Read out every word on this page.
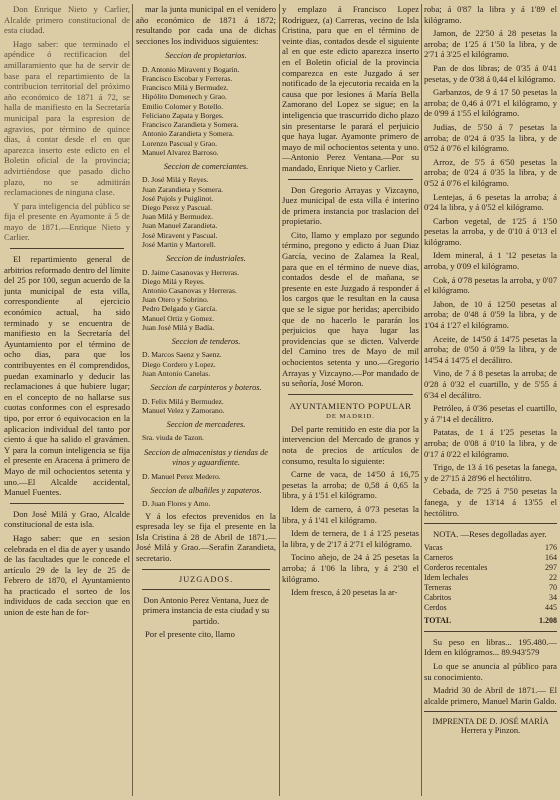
Don Enrique Nieto y Carlier, Alcalde primero constitucional de esta ciudad.

Hago saber: que terminado el apéndice ó rectificacion del amillaramiento que ha de servir de base para el repartimiento de la contribucion territorial del próximo año económico de 1871 á 72, se halla de manifiesto en la Secretaría municipal para la espresion de agravios, por término de quince dias, á contar desde el en que aparezca inserto este edicto en el Boletin oficial de la provincia; advirtiéndose que pasado dicho plazo, no se admitirán reclamaciones de ninguna clase.

Y para inteligencia del público se fija el presente en Ayamonte á 5 de mayo de 1871.—Enrique Nieto y Carlier.

El repartimiento general de arbitrios reformado dentro del límite del 25 por 100, segun acuerdo de la junta municipal de esta villa, correspondiente al ejercicio económico actual, ha sido terminado y se encuentra de manifiesto en la Secretaría del Ayuntamiento por el término de ocho dias, para que los contribuyentes en él comprendidos, puedan examinarlo y deducir las reclamaciones á que hubiere lugar; en el concepto de no hallarse sus cuotas conformes con el espresado tipo, por error ó equivocacion en la aplicacion individual del tanto por ciento á que ha salido el gravámen. Y para la comun inteligencia se fija el presente en Aracena á primero de Mayo de mil ochocientos setenta y uno.—El Alcalde accidental, Manuel Fuentes.

Don José Milá y Grao, Alcalde constitucional de esta isla.

Hago saber: que en sesion celebrada en el dia de ayer y usando de las facultades que le concede el artículo 29 de la ley de 25 de Febrero de 1870, el Ayuntamiento ha practicado el sorteo de los individuos de cada seccion que en union de este han de for-

mar la junta municipal en el venidero año económico de 1871 á 1872; resultando por cada una de dichas secciones los individuos siguientes:

Seccion de propietarios.
D. Antonio Miravent y Bogarin.
Francisco Escobar y Ferreras.
Francisco Milá y Bermudez.
Hipólito Domenech y Grao.
Emilio Colomer y Botello.
Feliciano Zapata y Borges.
Francisco Zarandieta y Somera.
Antonio Zarandieta y Somera.
Lorenzo Pascual y Grao.
Manuel Alvarez Barroso.
Seccion de comerciantes.
D. José Milá y Reyes.
Juan Zarandieta y Somera.
José Pujols y Puiglinot.
Diego Perez y Pascual.
Juan Milá y Bermudez.
Juan Manuel Zarandieta.
José Miravent y Pascual.
José Martin y Martorell.
Seccion de industriales.
D. Jaime Casanovas y Herreras.
Diego Milá y Reyes.
Antonio Casanovas y Herreras.
Juan Otero y Sobrino.
Pedro Delgado y García.
Manuel Ortiz y Gomez.
Juan José Milá y Badía.
Seccion de tenderos.
D. Marcos Saenz y Saenz.
Diego Cordero y Lopez.
Juan Antonio Canelas.
Seccion de carpinteros y boteros.
D. Felix Milá y Bermudez.
Manuel Velez y Zamorano.
Seccion de mercaderes.
Sra. viuda de Tazon.
Seccion de almacenistas y tiendas de vinos y aguardiente.
D. Manuel Perez Medero.
Seccion de albañiles y zapateros.
D. Juan Flores y Amo.

Y á los efectos prevenidos en la espresada ley se fija el presente en la Isla Cristina á 28 de Abril de 1871.—José Milá y Grao.—Serafin Zarandieta, secretario.

JUZGADOS.

Don Antonio Perez Ventana, Juez de primera instancia de esta ciudad y su partido.

Por el presente cito, llamo

y emplazo á Francisco Lopez Rodriguez, (a) Carreras, vecino de Isla Cristina, para que en el término de veinte dias, contados desde el siguiente al en que este edicto aparezca inserto en el Boletin oficial de la provincia comparezca en este Juzgado á ser notificado de la ejecutoria recaida en la causa que por lesiones á María Bella Zamorano del Lopez se sigue; en la inteligencia que trascurrido dicho plazo sin presentarse le parará el perjuicio que haya lugar. Ayamonte primero de mayo de mil ochocientos setenta y uno.—Antonio Perez Ventana.—Por su mandado, Enrique Nieto y Carlier.

Don Gregorio Arrayas y Vizcayno, Juez municipal de esta villa é interino de primera instancia por traslacion del propietario.

Cito, llamo y emplazo por segundo término, pregono y edicto á Juan Diaz García, vecino de Zalamea la Real, para que en el término de nueve dias, contados desde el de mañana, se presente en este Juzgado á responder á los cargos que le resultan en la causa que se le sigue por heridas; apercibido que de no hacerlo le pararán los perjuicios que haya lugar las providencias que se dicten. Valverde del Camino tres de Mayo de mil ochocientos setenta y uno.—Gregorio Arrayas y Vizcayno.—Por mandado de su señoría, José Moron.

AYUNTAMIENTO POPULAR
DE MADRID.

Del parte remitido en este dia por la intervencion del Mercado de granos y nota de precios de artículos de consumo, resulta lo siguiente:

Carne de vaca, de 14'50 á 16,75 pesetas la arroba; de 0,58 á 0,65 la libra, y á 1'51 el kilógramo.

Idem de carnero, á 0'73 pesetas la libra, y á 1'41 el kilógramo.

Idem de ternera, de 1 á 1'25 pesetas la libra, y de 2'17 á 2'71 el kilógramo.

Tocino añejo, de 24 á 25 pesetas la arroba; á 1'06 la libra, y á 2'30 el kilógramo.

Idem fresco, á 20 pesetas la ar-

roba; á 0'87 la libra y á 1'89 el kilógramo.

Jamon, de 22'50 á 28 pesetas la arroba; de 1'25 á 1'50 la libra, y de 2'71 á 3'25 el kilógramo.

Pan de dos libras; de 0'35 á 0'41 pesetas, y de 0'38 á 0,44 el kilógramo.

Garbanzos, de 9 á 17 50 pesetas la arroba; de 0,46 á 0'71 el kilógramo, y de 0'99 á 1'55 el kilógramo.

Judias, de 5'50 á 7 pesetas la arroba; de 0'24 á 0'35 la libra, y de 0'52 á 0'76 el kilógramo.

Arroz, de 5'5 á 6'50 pesetas la arroba; de 0'24 á 0'35 la libra, y de 0'52 á 0'76 el kilógramo.

Lentejas, á 6 pesetas la arroba; á 0'24 la libra, y á 0'52 el kilógramo.

Carbon vegetal, de 1'25 á 1'50 pesetas la arroba, y de 0'10 á 0'13 el kilógramo.

Idem mineral, á 1 '12 pesetas la arroba, y 0'09 el kilógramo.

Cok, á 0'78 pesetas la arroba, y 0'07 el kilógramo.

Jabon, de 10 á 12'50 pesetas al arroba; de 0'48 á 0'59 la libra, y de 1'04 á 1'27 el kilógramo.

Aceite, de 14'50 á 14'75 pesetas la arroba; de 0'50 á 0'59 la libra, y de 14'54 á 14'75 el decálitro.

Vino, de 7 á 8 pesetas la arroba; de 0'28 á 0'32 el cuartillo, y de 5'55 á 6'34 el decálitro.

Petróleo, á 0'36 pesetas el cuartillo, y á 7'14 el decálitro.

Patatas, de 1 á 1'25 pesetas la arroba; de 0'08 á 0'10 la libra, y de 0'17 á 0'22 el kilógramo.

Trigo, de 13 á 16 pesetas la fanega, y de 27'15 á 28'96 el hectólitro.

Cebada, de 7'25 á 7'50 pesetas la fanega, y de 13'14 á 13'55 el hectólitro.

NOTA. —Reses degolladas ayer.

Vacas	176
Carneros	164
Corderos recentales	297
Idem lechales	22
Terneras	70
Cabritos	34
Cerdos	445
TOTAL	1.208

Su peso en libras... 195.480.— Idem en kilógramos... 89.943'579

Lo que se anuncia al público para su conocimiento.

Madrid 30 de Abril de 1871.— El alcalde primero, Manuel Marin Galdo.

IMPRENTA DE D. JOSÉ MARÍA Herrera y Pinzon.
